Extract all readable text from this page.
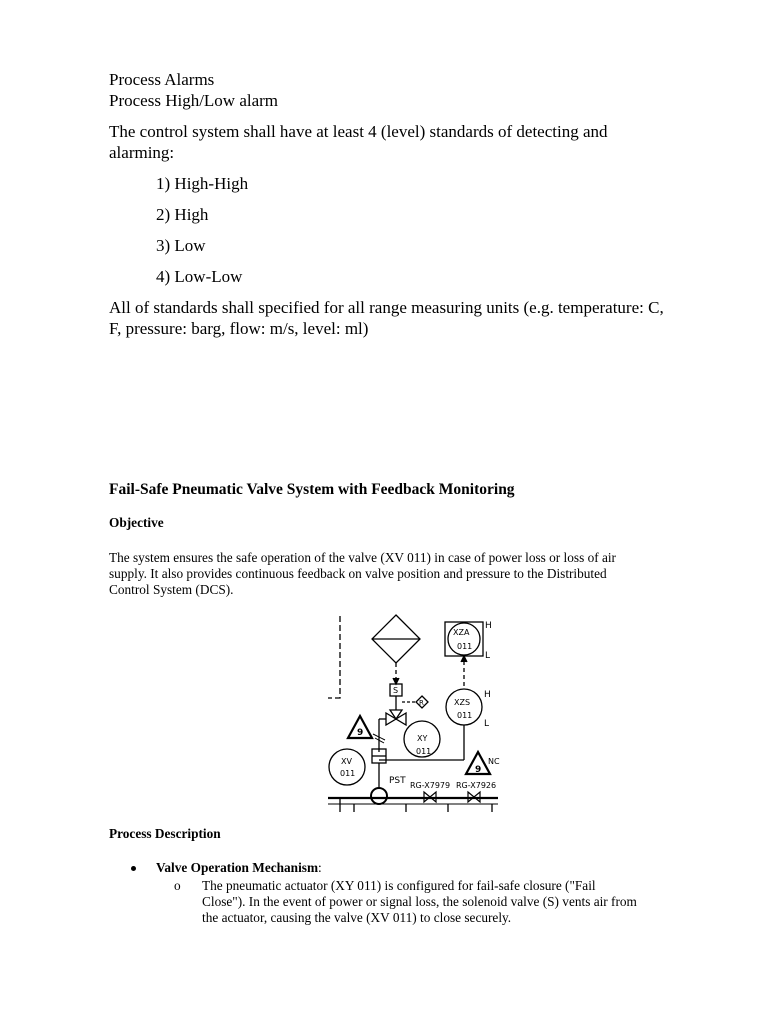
Process Alarms
Process High/Low alarm
The control system shall have at least 4 (level) standards of detecting and
alarming:
1) High-High
2) High
3) Low
4) Low-Low
All of standards shall specified for all range measuring units (e.g. temperature: C,
F, pressure: barg, flow: m/s, level: ml)
Fail-Safe Pneumatic Valve System with Feedback Monitoring
Objective
The system ensures the safe operation of the valve (XV 011) in case of power loss or loss of air
supply. It also provides continuous feedback on valve position and pressure to the Distributed
Control System (DCS).
XZA
011
H
L
XZS
011
H
L
XY
011
XV
011
S
R
9
9
NC
PST RG-X7979 RG-X7926
Process Description
Valve Operation Mechanism:
o The pneumatic actuator (XY 011) is configured for fail-safe closure ("Fail
Close"). In the event of power or signal loss, the solenoid valve (S) vents air from
the actuator, causing the valve (XV 011) to close securely.
